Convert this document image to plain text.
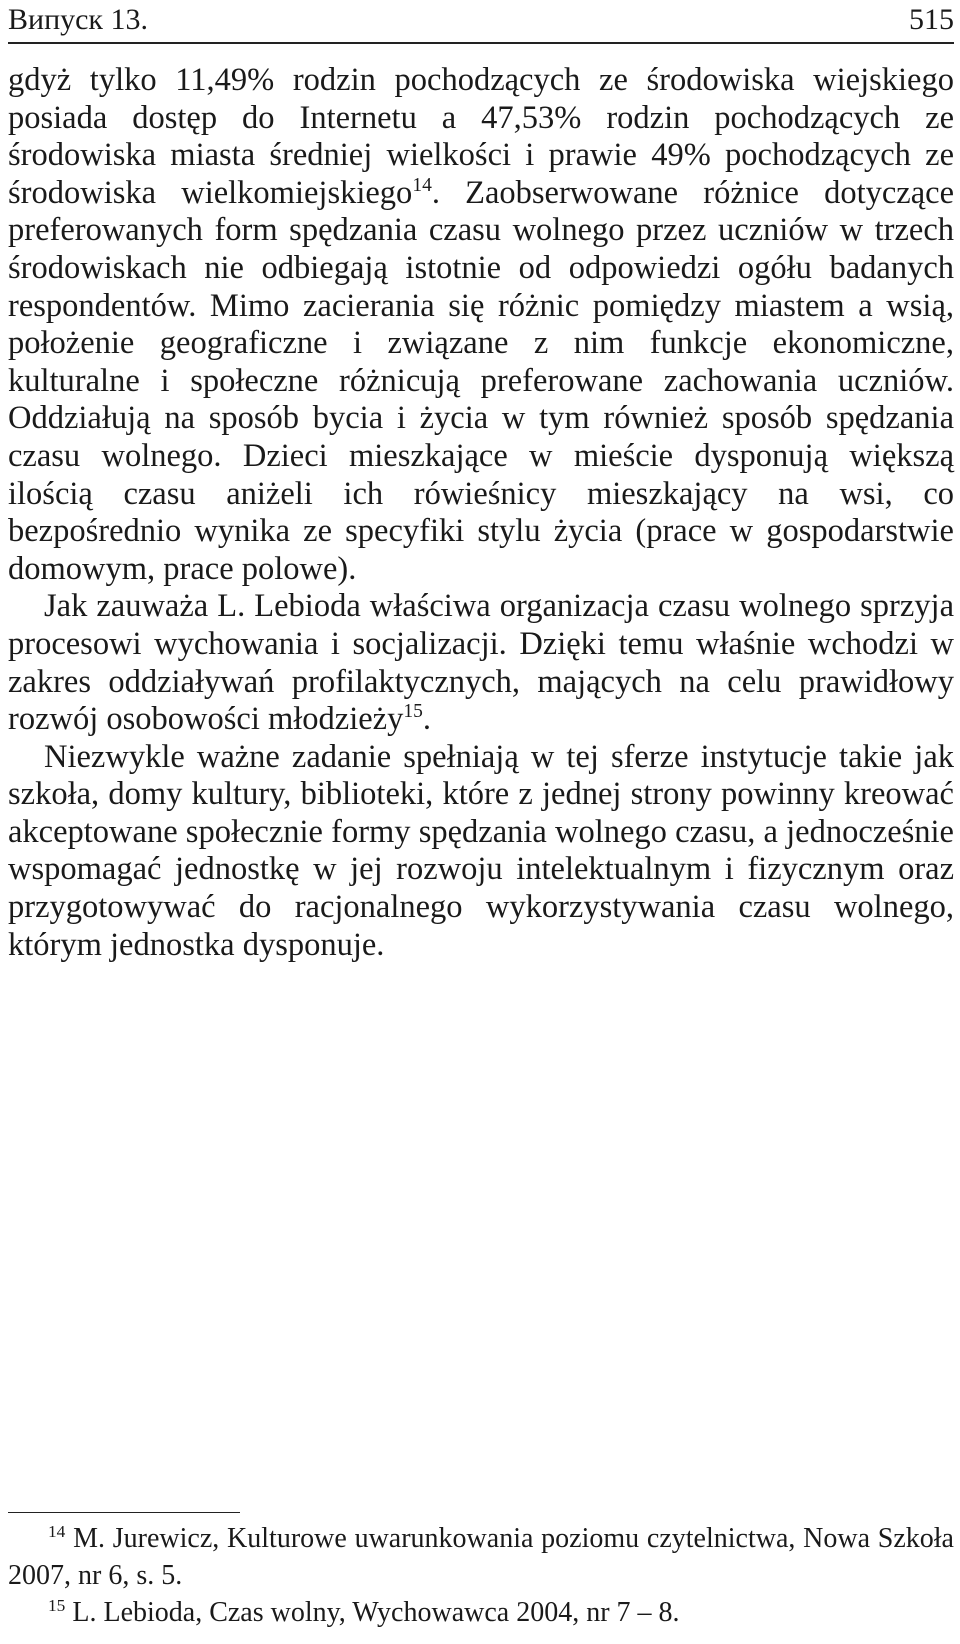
Випуск 13.	515

gdyż tylko 11,49% rodzin pochodzących ze środowiska wiejskiego posiada dostęp do Internetu a 47,53% rodzin pochodzących ze środowiska miasta średniej wielkości i prawie 49% pochodzących ze środowiska wielkomiejskiego$^{14}$. Zaobserwowane różnice dotyczące preferowanych form spędzania czasu wolnego przez uczniów w trzech środowiskach nie odbiegają istotnie od odpowiedzi ogółu badanych respondentów. Mimo zacierania się różnic pomiędzy miastem a wsią, położenie geograficzne i związane z nim funkcje ekonomiczne, kulturalne i społeczne różnicują preferowane zachowania uczniów. Oddziałują na sposób bycia i życia w tym również sposób spędzania czasu wolnego. Dzieci mieszkające w mieście dysponują większą ilością czasu aniżeli ich rówieśnicy mieszkający na wsi, co bezpośrednio wynika ze specyfiki stylu życia (prace w gospodarstwie domowym, prace polowe).

Jak zauważa L. Lebioda właściwa organizacja czasu wolnego sprzyja procesowi wychowania i socjalizacji. Dzięki temu właśnie wchodzi w zakres oddziaływań profilaktycznych, mających na celu prawidłowy rozwój osobowości młodzieży$^{15}$.

Niezwykle ważne zadanie spełniają w tej sferze instytucje takie jak szkoła, domy kultury, biblioteki, które z jednej strony powinny kreować akceptowane społecznie formy spędzania wolnego czasu, a jednocześnie wspomagać jednostkę w jej rozwoju intelektualnym i fizycznym oraz przygotowywać do racjonalnego wykorzystywania czasu wolnego, którym jednostka dysponuje.

$^{14}$ M. Jurewicz, Kulturowe uwarunkowania poziomu czytelnictwa, Nowa Szkoła 2007, nr 6, s. 5.

$^{15}$ L. Lebioda, Czas wolny, Wychowawca 2004, nr 7 – 8.
